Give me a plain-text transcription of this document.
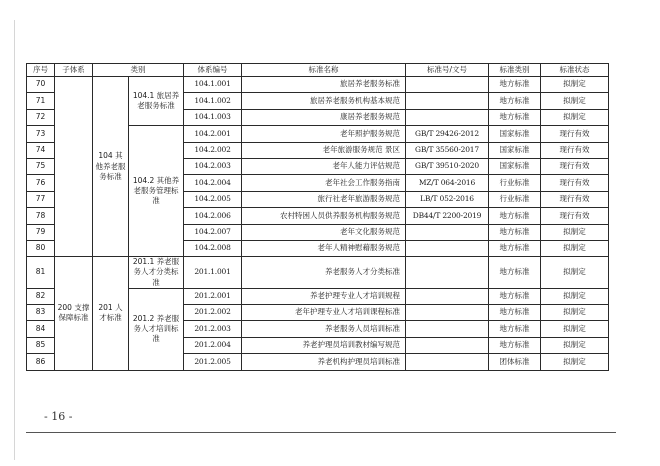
序号	子体系	类别		体系编号	标准名称	标准号/文号	标准类别	标准状态
70		104 其他养老服务标准	104.1 旅居养老服务标准	104.1.001	旅居养老服务标准		地方标准	拟制定
71				104.1.002	旅居养老服务机构基本规范		地方标准	拟制定
72				104.1.003	康居养老服务规范		地方标准	拟制定
73			104.2 其他养老服务管理标准	104.2.001	老年照护服务规范	GB/T 29426-2012	国家标准	现行有效
74				104.2.002	老年旅游服务规范 景区	GB/T 35560-2017	国家标准	现行有效
75				104.2.003	老年人能力评估规范	GB/T 39510-2020	国家标准	现行有效
76				104.2.004	老年社会工作服务指南	MZ/T 064-2016	行业标准	现行有效
77				104.2.005	旅行社老年旅游服务规范	LB/T 052-2016	行业标准	现行有效
78				104.2.006	农村特困人员供养服务机构服务规范	DB44/T 2200-2019	地方标准	现行有效
79				104.2.007	老年文化服务规范		地方标准	拟制定
80				104.2.008	老年人精神慰藉服务规范		地方标准	拟制定
81	200 支撑保障标准	201 人才标准	201.1 养老服务人才分类标准	201.1.001	养老服务人才分类标准		地方标准	拟制定
82			201.2 养老服务人才培训标准	201.2.001	养老护理专业人才培训规程		地方标准	拟制定
83				201.2.002	老年护理专业人才培训课程标准		地方标准	拟制定
84				201.2.003	养老服务人员培训标准		地方标准	拟制定
85				201.2.004	养老护理员培训教材编写规范		地方标准	拟制定
86				201.2.005	养老机构护理员培训标准		团体标准	拟制定
- 16 -
